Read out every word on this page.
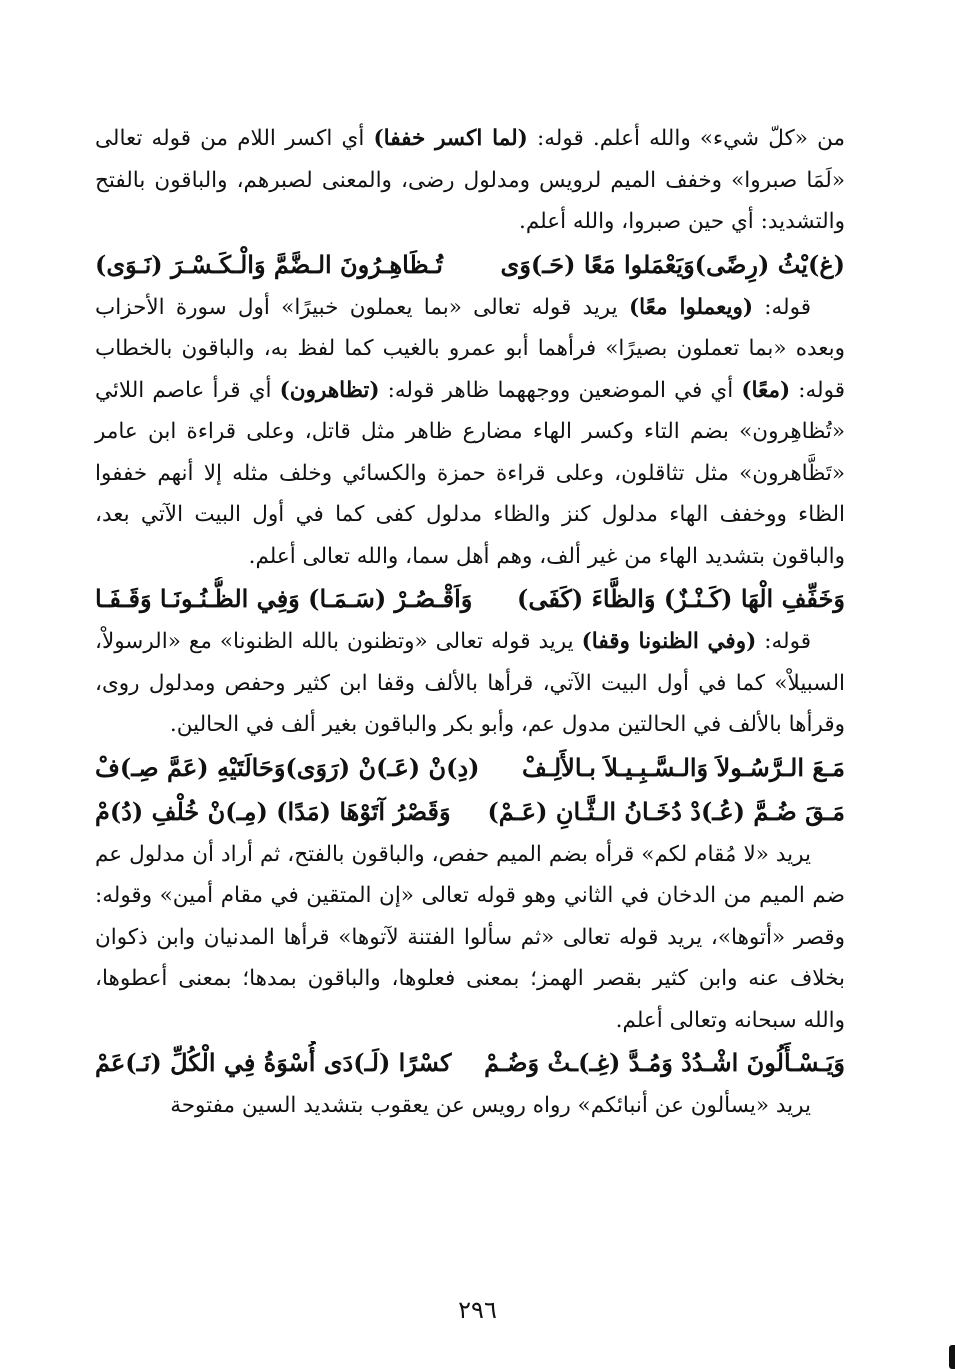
من «كلّ شيء» والله أعلم. قوله: (لما اكسر خففا) أي اكسر اللام من قوله تعالى «لَمَا صبروا» وخفف الميم لرويس ومدلول رضى، والمعنى لصبرهم، والباقون بالفتح والتشديد: أي حين صبروا، والله أعلم.

(غ)يْثُ (رِضًى)وَيَعْمَلوا مَعًا (حَـ)وَى
تُـظَاهِـرُونَ الـضَّمَّ وَالْـكَـسْـرَ (نَـوَى)

قوله: (ويعملوا معًا) يريد قوله تعالى «بما يعملون خبيرًا» أول سورة الأحزاب وبعده «بما تعملون بصيرًا» فرأهما أبو عمرو بالغيب كما لفظ به، والباقون بالخطاب قوله: (معًا) أي في الموضعين ووجههما ظاهر قوله: (تظاهرون) أي قرأ عاصم اللائي «تُظاهِرون» بضم التاء وكسر الهاء مضارع ظاهر مثل قاتل، وعلى قراءة ابن عامر «تَظَّاهرون» مثل تثاقلون، وعلى قراءة حمزة والكسائي وخلف مثله إلا أنهم خففوا الظاء ووخفف الهاء مدلول كنز والظاء مدلول كفى كما في أول البيت الآتي بعد، والباقون بتشديد الهاء من غير ألف، وهم أهل سما، والله تعالى أعلم.

وَخَفِّفِ الْهَا (كَـنْـزٌ) وَالظَّاءَ (كَفَى)
وَاَقْـصُـرْ (سَـمَـا) وَفِي الظُّـنُـونَـا وَقَـفَـا

قوله: (وفي الظنونا وقفا) يريد قوله تعالى «وتظنون بالله الظنونا» مع «الرسولاْ، السبيلاْ» كما في أول البيت الآتي، قرأها بالألف وقفا ابن كثير وحفص ومدلول روى، وقرأها بالألف في الحالتين مدول عم، وأبو بكر والباقون بغير ألف في الحالين.

مَـعَ الـرَّسُـولاَ وَالـسَّـبِـيـلاَ بـالأَلِـفْ
(دِ)نْ (عَـ)نْ (رَوَى)وَحَالَتَيْهِ (عَمَّ صِـ)فْ
مَـقَ ضُـمَّ (عُـ)دْ دُخَـانُ الـثَّـانِ (عَـمْ)
وَقَصْرُ آتَوْهَا (مَدًا) (مِـ)نْ خُلْفِ (دُ)مْ

يريد «لا مُقام لكم» قرأه بضم الميم حفص، والباقون بالفتح، ثم أراد أن مدلول عم ضم الميم من الدخان في الثاني وهو قوله تعالى «إن المتقين في مقام أمين» وقوله: وقصر «أتوها»، يريد قوله تعالى «ثم سألوا الفتنة لآتوها» قرأها المدنيان وابن ذكوان بخلاف عنه وابن كثير بقصر الهمز؛ بمعنى فعلوها، والباقون بمدها؛ بمعنى أعطوها، والله سبحانه وتعالى أعلم.

وَيَـسْـأَلُونَ اشْـدُدْ وَمُـدَّ (غِـ)ـثْ وَضُـمْ
كسْرًا (لَـ)دَى أُسْوَةُ فِي الْكُلِّ (نَـ)عَمْ

يريد «يسألون عن أنبائكم» رواه رويس عن يعقوب بتشديد السين مفتوحة

٢٩٦
